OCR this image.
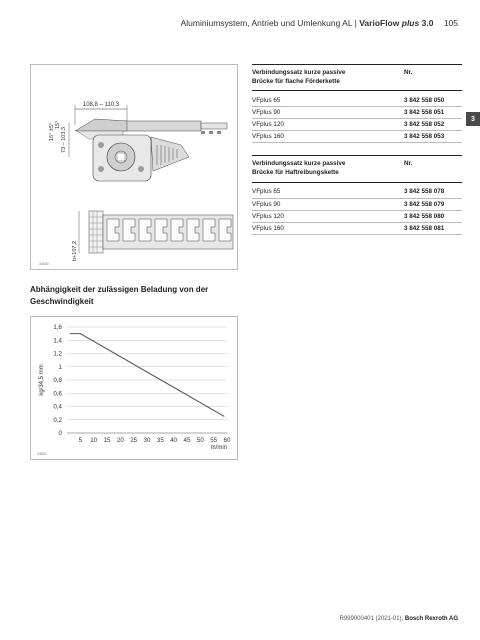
Aluminiumsystem, Antrieb und Umlenkung AL | VarioFlow plus 3.0 105
108,8 – 110,3
73 – 103,3
15° ±5° 15°
b+107,2
34830
Verbindungssatz kurze passive
Brücke für flache Förderkette	Nr.

VFplus 65	3 842 558 050
VFplus 90	3 842 558 051
VFplus 120	3 842 558 052
VFplus 160	3 842 558 053
Verbindungssatz kurze passive
Brücke für Haftreibungskette	Nr.

VFplus 65	3 842 558 078
VFplus 90	3 842 558 079
VFplus 120	3 842 558 080
VFplus 160	3 842 558 081
3
Abhängigkeit der zulässigen Beladung von der
Geschwindigkeit
0
0,2
0,4
0,6
0,8
1
1,2
1,4
1,6
5 10 15 20 25 30 35 40 45 50 55 60
m/min
kg/34,5 mm
34831
R999000401 (2021-01), Bosch Rexroth AG
